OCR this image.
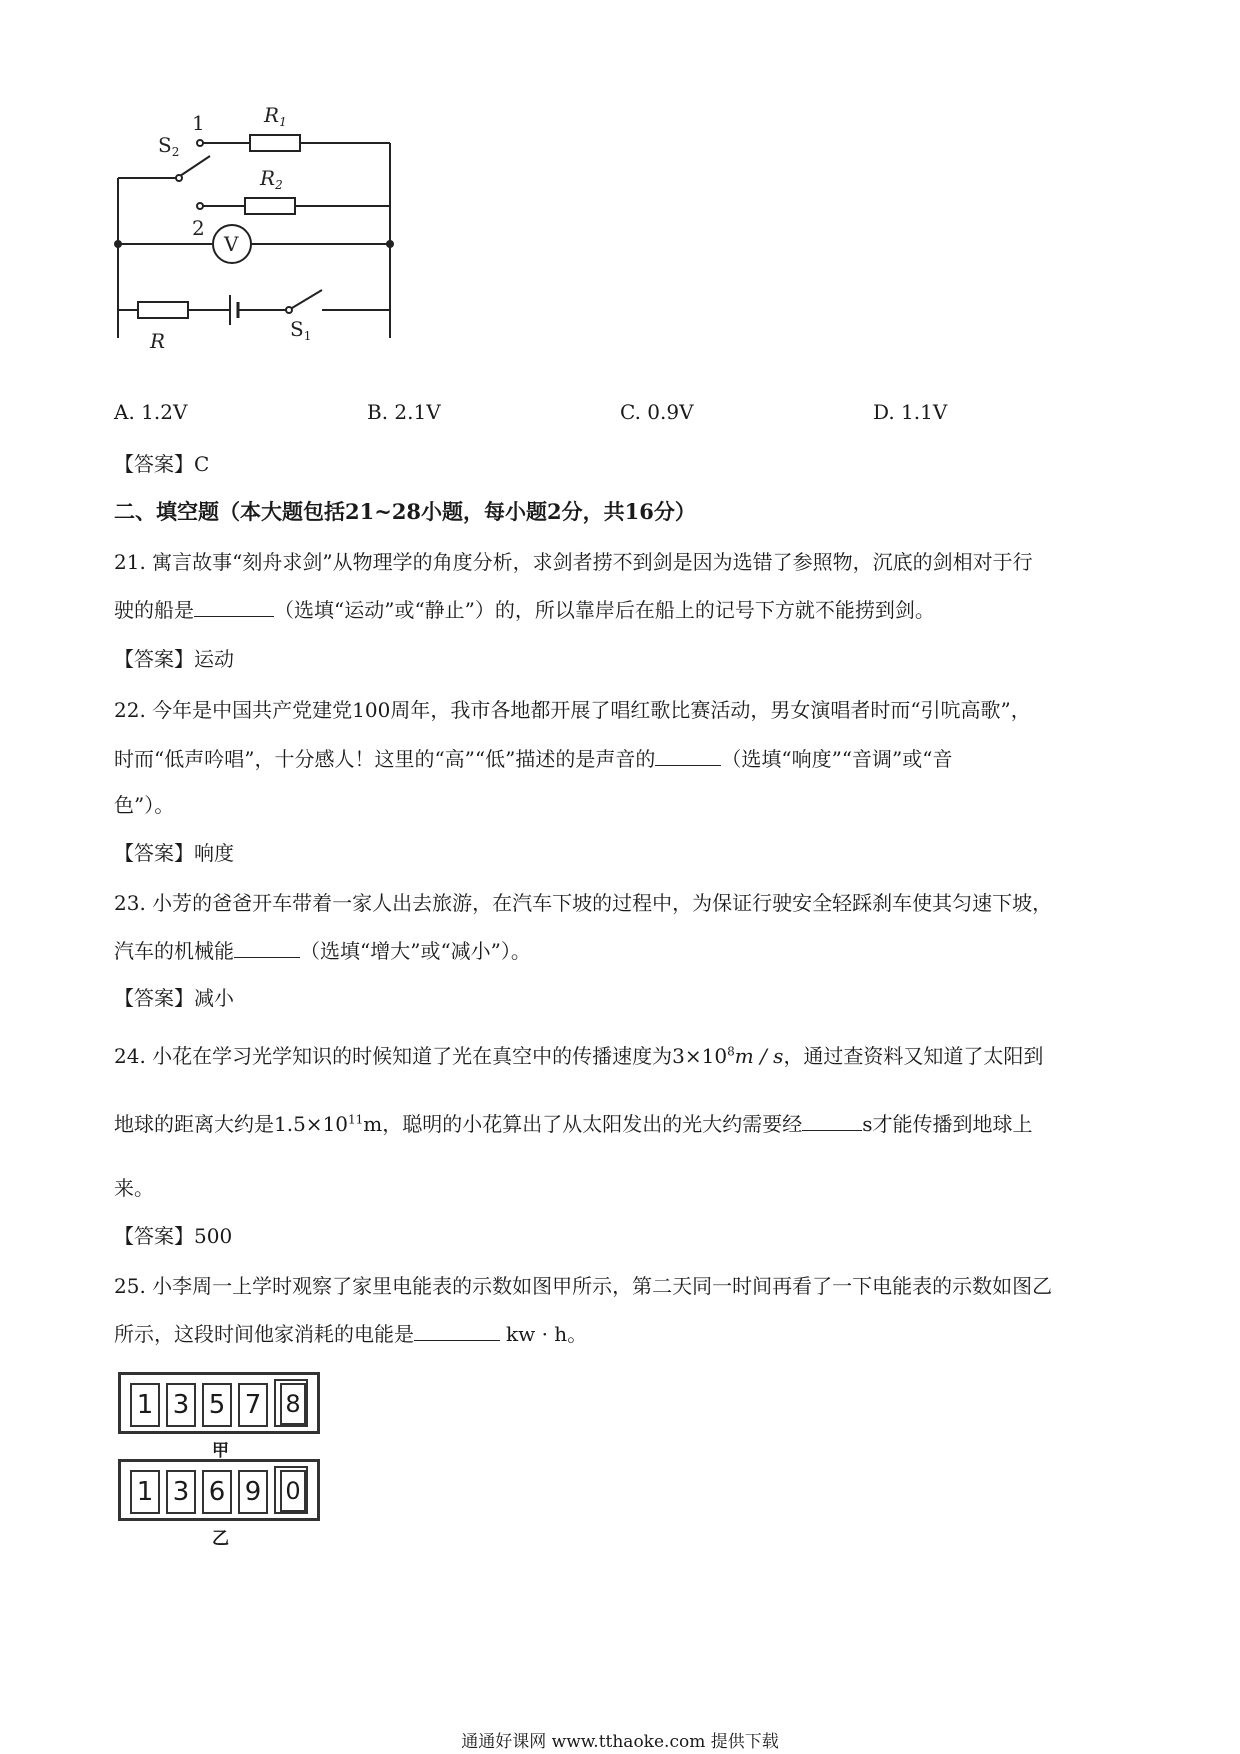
$R_1$
$R_2$
$S_2$
$S_1$
R
1
2
V
A. 1.2V	B. 2.1V	C. 0.9V	D. 1.1V
【答案】C
二、填空题（本大题包括21~28小题，每小题2分，共16分）
21. 寓言故事“刻舟求剑”从物理学的角度分析，求剑者捞不到剑是因为选错了参照物，沉底的剑相对于行
驶的船是	（选填“运动”或“静止”）的，所以靠岸后在船上的记号下方就不能捞到剑。
【答案】运动
22. 今年是中国共产党建党100周年，我市各地都开展了唱红歌比赛活动，男女演唱者时而“引吭高歌”，
时而“低声吟唱”，十分感人！这里的“高”“低”描述的是声音的	（选填“响度”“音调”或“音
色”）。
【答案】响度
23. 小芳的爸爸开车带着一家人出去旅游，在汽车下坡的过程中，为保证行驶安全轻踩刹车使其匀速下坡，
汽车的机械能	（选填“增大”或“减小”）。
【答案】减小
24. 小花在学习光学知识的时候知道了光在真空中的传播速度为$3\times 10^8m / s$，通过查资料又知道了太阳到
地球的距离大约是$1.5\times 10^{11}m$，聪明的小花算出了从太阳发出的光大约需要经	s才能传播到地球上
来。
【答案】500
25. 小李周一上学时观察了家里电能表的示数如图甲所示，第二天同一时间再看了一下电能表的示数如图乙
所示，这段时间他家消耗的电能是	kw · h。
1 3 5 7 8
甲
1 3 6 9 0
乙
通通好课网 www.tthaoke.com 提供下载
